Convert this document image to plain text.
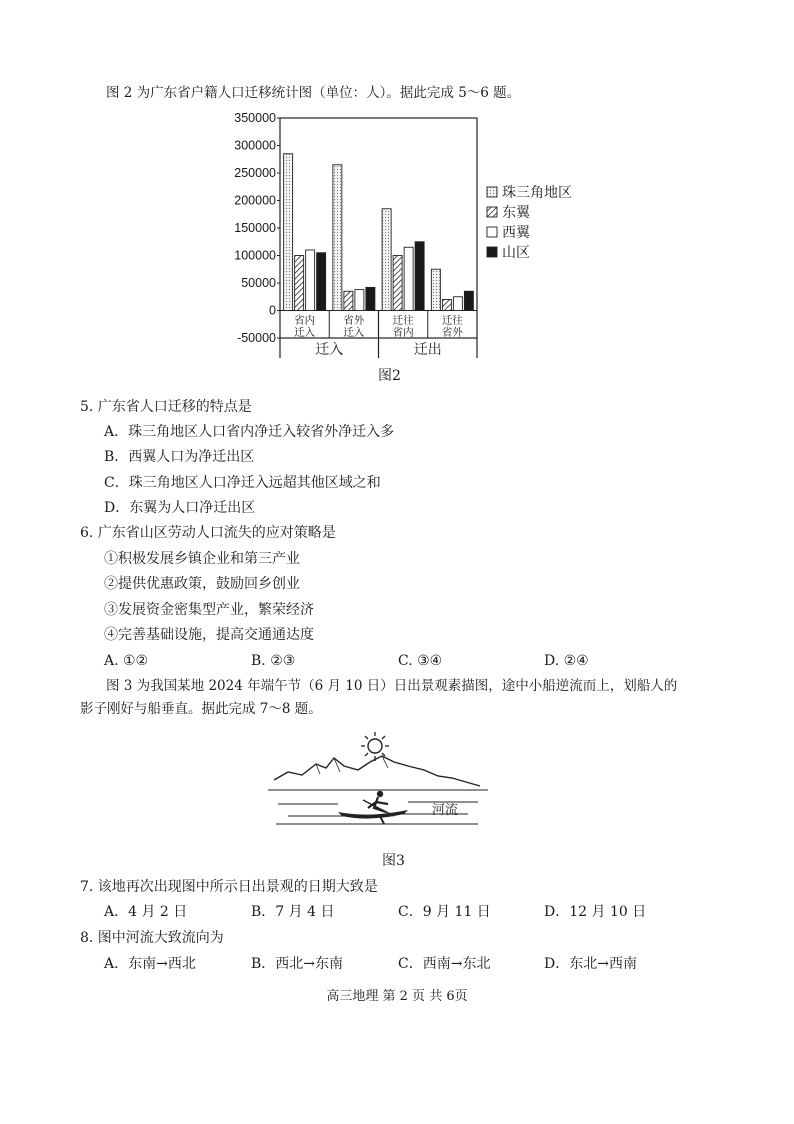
图 2 为广东省户籍人口迁移统计图（单位：人）。据此完成 5～6 题。
350000
300000
250000
200000
150000
100000
50000
0
-50000
省内
迁入
省外
迁入
迁往
省内
迁往
省外
迁入	迁出
珠三角地区
东翼
西翼
山区
图2
5. 广东省人口迁移的特点是
A．珠三角地区人口省内净迁入较省外净迁入多
B．西翼人口为净迁出区
C．珠三角地区人口净迁入远超其他区域之和
D．东翼为人口净迁出区
6. 广东省山区劳动人口流失的应对策略是
①积极发展乡镇企业和第三产业
②提供优惠政策，鼓励回乡创业
③发展资金密集型产业，繁荣经济
④完善基础设施，提高交通通达度
A. ①②	B. ②③	C. ③④	D. ②④
图 3 为我国某地 2024 年端午节（6 月 10 日）日出景观素描图，途中小船逆流而上，划船人的
影子刚好与船垂直。据此完成 7～8 题。
河流
图3
7. 该地再次出现图中所示日出景观的日期大致是
A．4 月 2 日	B．7 月 4 日	C．9 月 11 日	D．12 月 10 日
8. 图中河流大致流向为
A．东南→西北	B．西北→东南	C．西南→东北	D．东北→西南
高三地理 第 2 页 共 6页
